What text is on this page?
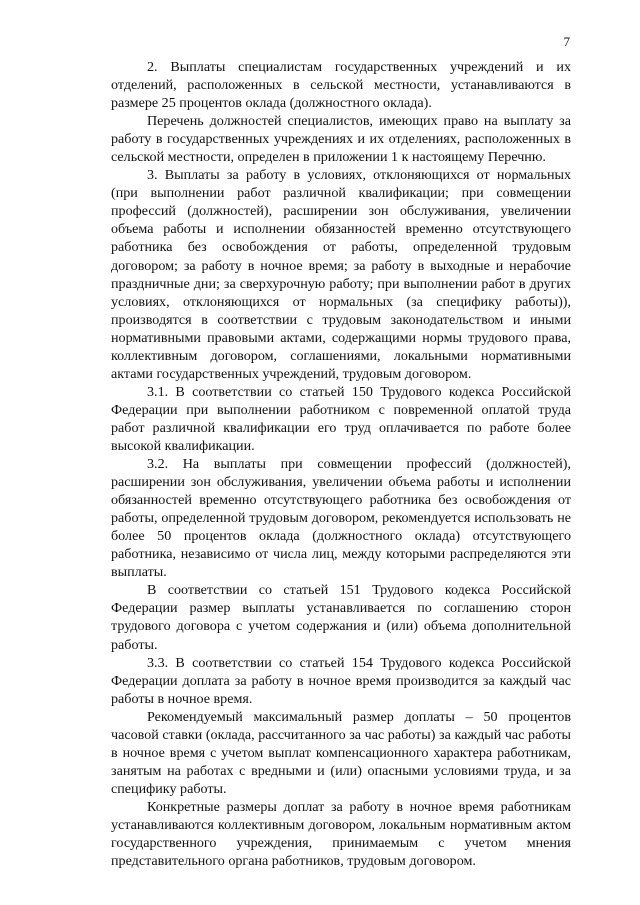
7

2. Выплаты специалистам государственных учреждений и их отделений, расположенных в сельской местности, устанавливаются в размере 25 процентов оклада (должностного оклада).

Перечень должностей специалистов, имеющих право на выплату за работу в государственных учреждениях и их отделениях, расположенных в сельской местности, определен в приложении 1 к настоящему Перечню.

3. Выплаты за работу в условиях, отклоняющихся от нормальных (при выполнении работ различной квалификации; при совмещении профессий (должностей), расширении зон обслуживания, увеличении объема работы и исполнении обязанностей временно отсутствующего работника без освобождения от работы, определенной трудовым договором; за работу в ночное время; за работу в выходные и нерабочие праздничные дни; за сверхурочную работу; при выполнении работ в других условиях, отклоняющихся от нормальных (за специфику работы)), производятся в соответствии с трудовым законодательством и иными нормативными правовыми актами, содержащими нормы трудового права, коллективным договором, соглашениями, локальными нормативными актами государственных учреждений, трудовым договором.

3.1. В соответствии со статьей 150 Трудового кодекса Российской Федерации при выполнении работником с повременной оплатой труда работ различной квалификации его труд оплачивается по работе более высокой квалификации.

3.2. На выплаты при совмещении профессий (должностей), расширении зон обслуживания, увеличении объема работы и исполнении обязанностей временно отсутствующего работника без освобождения от работы, определенной трудовым договором, рекомендуется использовать не более 50 процентов оклада (должностного оклада) отсутствующего работника, независимо от числа лиц, между которыми распределяются эти выплаты.

В соответствии со статьей 151 Трудового кодекса Российской Федерации размер выплаты устанавливается по соглашению сторон трудового договора с учетом содержания и (или) объема дополнительной работы.

3.3. В соответствии со статьей 154 Трудового кодекса Российской Федерации доплата за работу в ночное время производится за каждый час работы в ночное время.

Рекомендуемый максимальный размер доплаты – 50 процентов часовой ставки (оклада, рассчитанного за час работы) за каждый час работы в ночное время с учетом выплат компенсационного характера работникам, занятым на работах с вредными и (или) опасными условиями труда, и за специфику работы.

Конкретные размеры доплат за работу в ночное время работникам устанавливаются коллективным договором, локальным нормативным актом государственного учреждения, принимаемым с учетом мнения представительного органа работников, трудовым договором.
